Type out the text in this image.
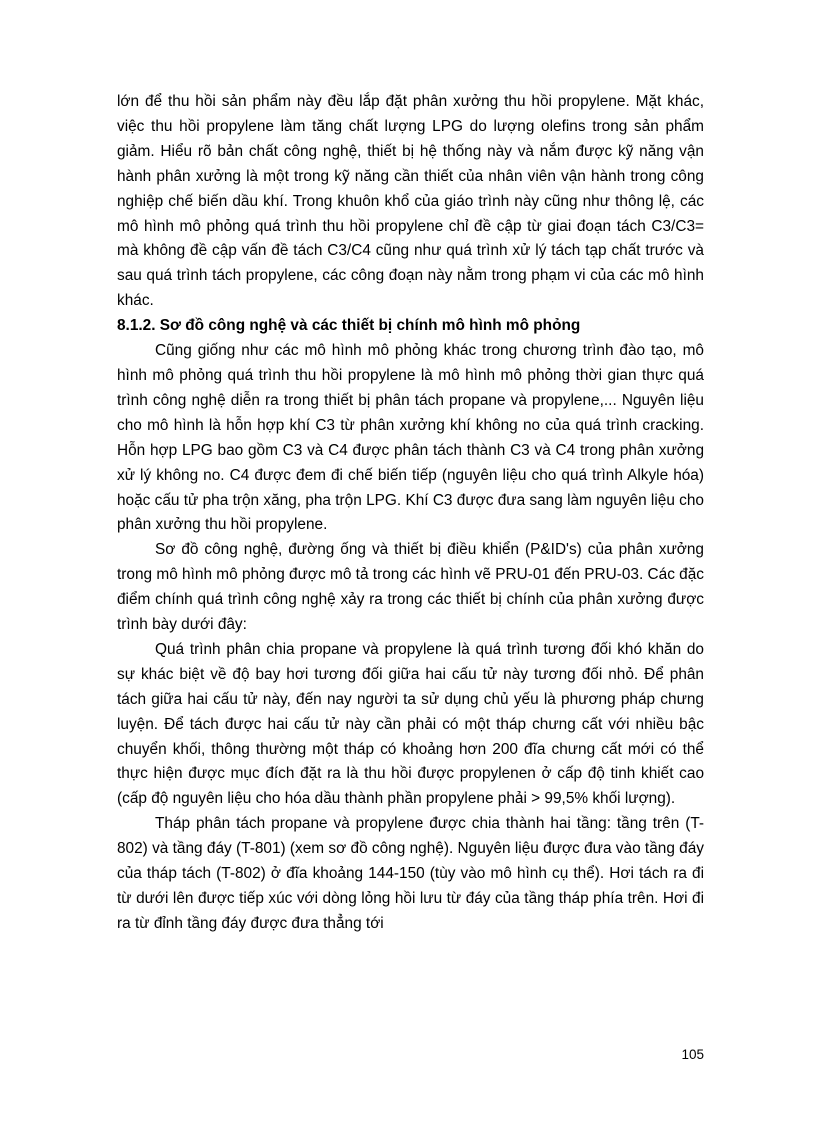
lớn để thu hồi sản phẩm này đều lắp đặt phân xưởng thu hồi propylene. Mặt khác, việc thu hồi propylene làm tăng chất lượng LPG do lượng olefins trong sản phẩm giảm. Hiểu rõ bản chất công nghệ, thiết bị hệ thống này và nắm được kỹ năng vận hành phân xưởng là một trong kỹ năng cần thiết của nhân viên vận hành trong công nghiệp chế biến dầu khí. Trong khuôn khổ của giáo trình này cũng như thông lệ, các mô hình mô phỏng quá trình thu hồi propylene chỉ đề cập từ giai đoạn tách C3/C3= mà không đề cập vấn đề tách C3/C4 cũng như quá trình xử lý tách tạp chất trước và sau quá trình tách propylene, các công đoạn này nằm trong phạm vi của các mô hình khác.

8.1.2. Sơ đồ công nghệ và các thiết bị chính mô hình mô phỏng

Cũng giống như các mô hình mô phỏng khác trong chương trình đào tạo, mô hình mô phỏng quá trình thu hồi propylene là mô hình mô phỏng thời gian thực quá trình công nghệ diễn ra trong thiết bị phân tách propane và propylene,... Nguyên liệu cho mô hình là hỗn hợp khí C3 từ phân xưởng khí không no của quá trình cracking. Hỗn hợp LPG bao gồm C3 và C4 được phân tách thành C3 và C4 trong phân xưởng xử lý không no. C4 được đem đi chế biến tiếp (nguyên liệu cho quá trình Alkyle hóa) hoặc cấu tử pha trộn xăng, pha trộn LPG. Khí C3 được đưa sang làm nguyên liệu cho phân xưởng thu hồi propylene.

Sơ đồ công nghệ, đường ống và thiết bị điều khiển (P&ID's) của phân xưởng trong mô hình mô phỏng được mô tả trong các hình vẽ PRU-01 đến PRU-03. Các đặc điểm chính quá trình công nghệ xảy ra trong các thiết bị chính của phân xưởng được trình bày dưới đây:

Quá trình phân chia propane và propylene là quá trình tương đối khó khăn do sự khác biệt về độ bay hơi tương đối giữa hai cấu tử này tương đối nhỏ. Để phân tách giữa hai cấu tử này, đến nay người ta sử dụng chủ yếu là phương pháp chưng luyện. Để tách được hai cấu tử này cần phải có một tháp chưng cất với nhiều bậc chuyển khối, thông thường một tháp có khoảng hơn 200 đĩa chưng cất mới có thể thực hiện được mục đích đặt ra là thu hồi được propylenen ở cấp độ tinh khiết cao (cấp độ nguyên liệu cho hóa dầu thành phần propylene phải > 99,5% khối lượng).

Tháp phân tách propane và propylene được chia thành hai tầng: tầng trên (T-802) và tầng đáy (T-801) (xem sơ đồ công nghệ). Nguyên liệu được đưa vào tầng đáy của tháp tách (T-802) ở đĩa khoảng 144-150 (tùy vào mô hình cụ thể). Hơi tách ra đi từ dưới lên được tiếp xúc với dòng lỏng hồi lưu từ đáy của tầng tháp phía trên. Hơi đi ra từ đỉnh tầng đáy được đưa thẳng tới

105
